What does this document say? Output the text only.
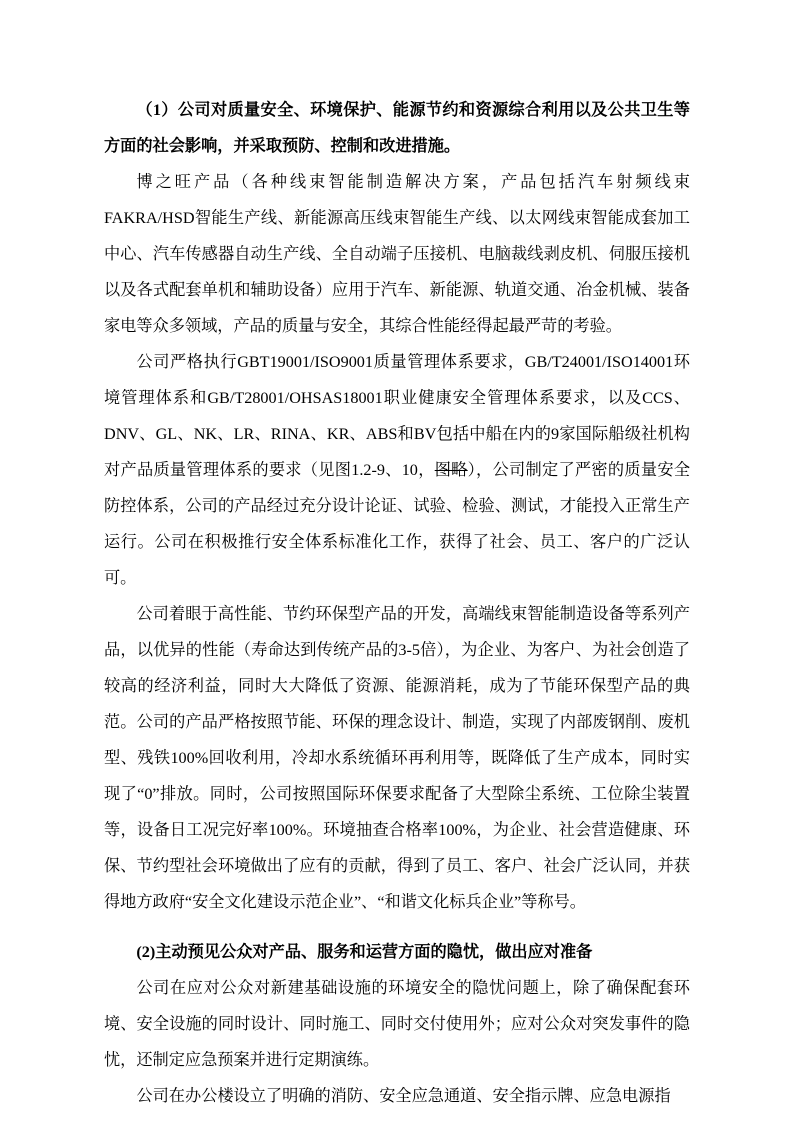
（1）公司对质量安全、环境保护、能源节约和资源综合利用以及公共卫生等方面的社会影响，并采取预防、控制和改进措施。

博之旺产品（各种线束智能制造解决方案，产品包括汽车射频线束FAKRA/HSD智能生产线、新能源高压线束智能生产线、以太网线束智能成套加工中心、汽车传感器自动生产线、全自动端子压接机、电脑裁线剥皮机、伺服压接机以及各式配套单机和辅助设备）应用于汽车、新能源、轨道交通、冶金机械、装备家电等众多领域，产品的质量与安全，其综合性能经得起最严苛的考验。

公司严格执行GBT19001/ISO9001质量管理体系要求，GB/T24001/ISO14001环境管理体系和GB/T28001/OHSAS18001职业健康安全管理体系要求，以及CCS、DNV、GL、NK、LR、RINA、KR、ABS和BV包括中船在内的9家国际船级社机构对产品质量管理体系的要求（见图1.2-9、10，图略），公司制定了严密的质量安全防控体系，公司的产品经过充分设计论证、试验、检验、测试，才能投入正常生产运行。公司在积极推行安全体系标准化工作，获得了社会、员工、客户的广泛认可。

公司着眼于高性能、节约环保型产品的开发，高端线束智能制造设备等系列产品，以优异的性能（寿命达到传统产品的3-5倍），为企业、为客户、为社会创造了较高的经济利益，同时大大降低了资源、能源消耗，成为了节能环保型产品的典范。公司的产品严格按照节能、环保的理念设计、制造，实现了内部废钢削、废机型、残铁100%回收利用，冷却水系统循环再利用等，既降低了生产成本，同时实现了“0”排放。同时，公司按照国际环保要求配备了大型除尘系统、工位除尘装置等，设备日工况完好率100%。环境抽查合格率100%，为企业、社会营造健康、环保、节约型社会环境做出了应有的贡献，得到了员工、客户、社会广泛认同，并获得地方政府“安全文化建设示范企业”、“和谐文化标兵企业”等称号。

(2)主动预见公众对产品、服务和运营方面的隐忧，做出应对准备

公司在应对公众对新建基础设施的环境安全的隐忧问题上，除了确保配套环境、安全设施的同时设计、同时施工、同时交付使用外；应对公众对突发事件的隐忧，还制定应急预案并进行定期演练。

公司在办公楼设立了明确的消防、安全应急通道、安全指示牌、应急电源指
